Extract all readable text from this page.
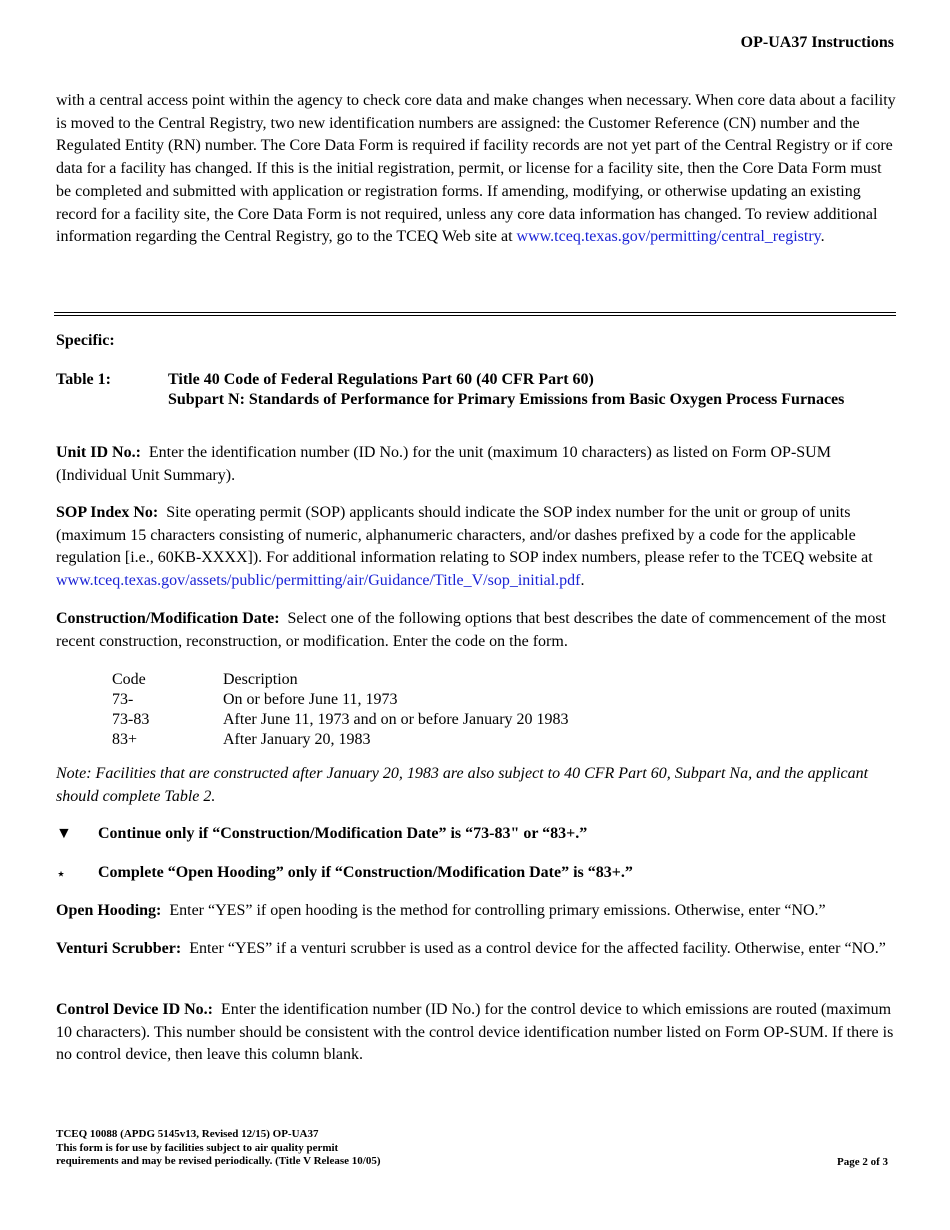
OP-UA37 Instructions

with a central access point within the agency to check core data and make changes when necessary. When core data about a facility is moved to the Central Registry, two new identification numbers are assigned: the Customer Reference (CN) number and the Regulated Entity (RN) number. The Core Data Form is required if facility records are not yet part of the Central Registry or if core data for a facility has changed. If this is the initial registration, permit, or license for a facility site, then the Core Data Form must be completed and submitted with application or registration forms. If amending, modifying, or otherwise updating an existing record for a facility site, the Core Data Form is not required, unless any core data information has changed. To review additional information regarding the Central Registry, go to the TCEQ Web site at www.tceq.texas.gov/permitting/central_registry.

Specific:
Table 1:	Title 40 Code of Federal Regulations Part 60 (40 CFR Part 60)
Subpart N: Standards of Performance for Primary Emissions from Basic Oxygen Process Furnaces

Unit ID No.: Enter the identification number (ID No.) for the unit (maximum 10 characters) as listed on Form OP-SUM (Individual Unit Summary).

SOP Index No: Site operating permit (SOP) applicants should indicate the SOP index number for the unit or group of units (maximum 15 characters consisting of numeric, alphanumeric characters, and/or dashes prefixed by a code for the applicable regulation [i.e., 60KB-XXXX]). For additional information relating to SOP index numbers, please refer to the TCEQ website at www.tceq.texas.gov/assets/public/permitting/air/Guidance/Title_V/sop_initial.pdf.

Construction/Modification Date: Select one of the following options that best describes the date of commencement of the most recent construction, reconstruction, or modification. Enter the code on the form.

Code	Description
73-	On or before June 11, 1973
73-83	After June 11, 1973 and on or before January 20 1983
83+	After January 20, 1983

Note: Facilities that are constructed after January 20, 1983 are also subject to 40 CFR Part 60, Subpart Na, and the applicant should complete Table 2.

▼ Continue only if “Construction/Modification Date” is “73-83" or “83+.”
⋆ Complete “Open Hooding” only if “Construction/Modification Date” is “83+.”

Open Hooding: Enter “YES” if open hooding is the method for controlling primary emissions. Otherwise, enter “NO.”

Venturi Scrubber: Enter “YES” if a venturi scrubber is used as a control device for the affected facility. Otherwise, enter “NO.”

Control Device ID No.: Enter the identification number (ID No.) for the control device to which emissions are routed (maximum 10 characters). This number should be consistent with the control device identification number listed on Form OP-SUM. If there is no control device, then leave this column blank.

TCEQ 10088 (APDG 5145v13, Revised 12/15) OP-UA37
This form is for use by facilities subject to air quality permit
requirements and may be revised periodically. (Title V Release 10/05)	Page 2 of 3
